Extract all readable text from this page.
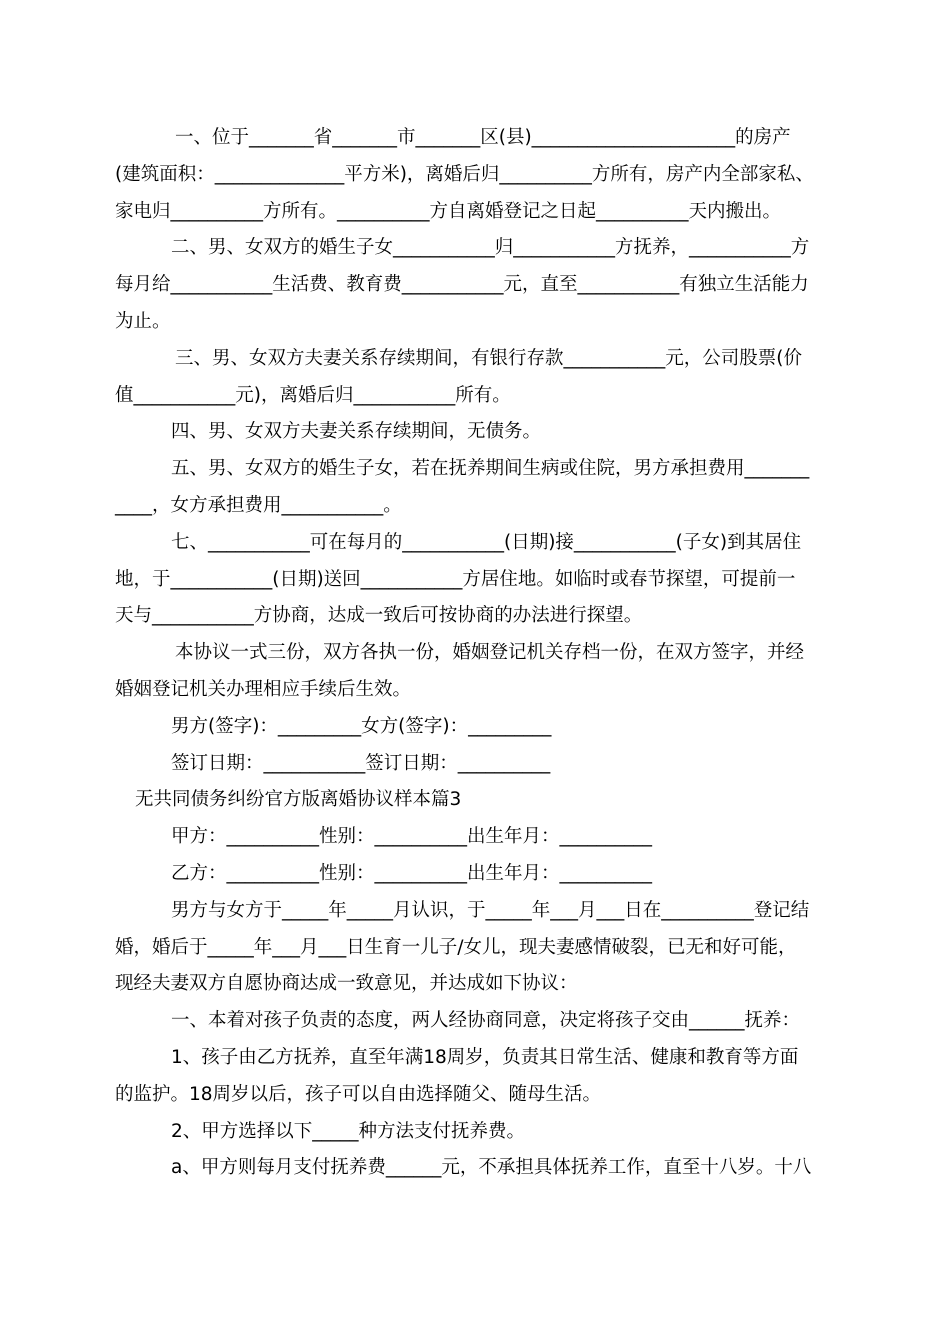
一、位于_______省_______市_______区(县)______________________的房产
(建筑面积：______________平方米)，离婚后归__________方所有，房产内全部家私、
家电归__________方所有。__________方自离婚登记之日起__________天内搬出。
二、男、女双方的婚生子女___________归___________方抚养，___________方
每月给___________生活费、教育费___________元，直至___________有独立生活能力
为止。
三、男、女双方夫妻关系存续期间，有银行存款___________元，公司股票(价
值___________元)，离婚后归___________所有。
四、男、女双方夫妻关系存续期间，无债务。
五、男、女双方的婚生子女，若在抚养期间生病或住院，男方承担费用_______
____，女方承担费用___________。
七、___________可在每月的___________(日期)接___________(子女)到其居住
地，于___________(日期)送回___________方居住地。如临时或春节探望，可提前一
天与___________方协商，达成一致后可按协商的办法进行探望。
本协议一式三份，双方各执一份，婚姻登记机关存档一份，在双方签字，并经
婚姻登记机关办理相应手续后生效。
男方(签字)：_________女方(签字)：_________
签订日期：___________签订日期：__________
无共同债务纠纷官方版离婚协议样本篇3
甲方：__________性别：__________出生年月：__________
乙方：__________性别：__________出生年月：__________
男方与女方于_____年_____月认识，于_____年___月___日在__________登记结
婚，婚后于_____年___月___日生育一儿子/女儿，现夫妻感情破裂，已无和好可能，
现经夫妻双方自愿协商达成一致意见，并达成如下协议：
一、本着对孩子负责的态度，两人经协商同意，决定将孩子交由______抚养：
1、孩子由乙方抚养，直至年满18周岁，负责其日常生活、健康和教育等方面
的监护。18周岁以后，孩子可以自由选择随父、随母生活。
2、甲方选择以下_____种方法支付抚养费。
a、甲方则每月支付抚养费______元，不承担具体抚养工作，直至十八岁。十八
